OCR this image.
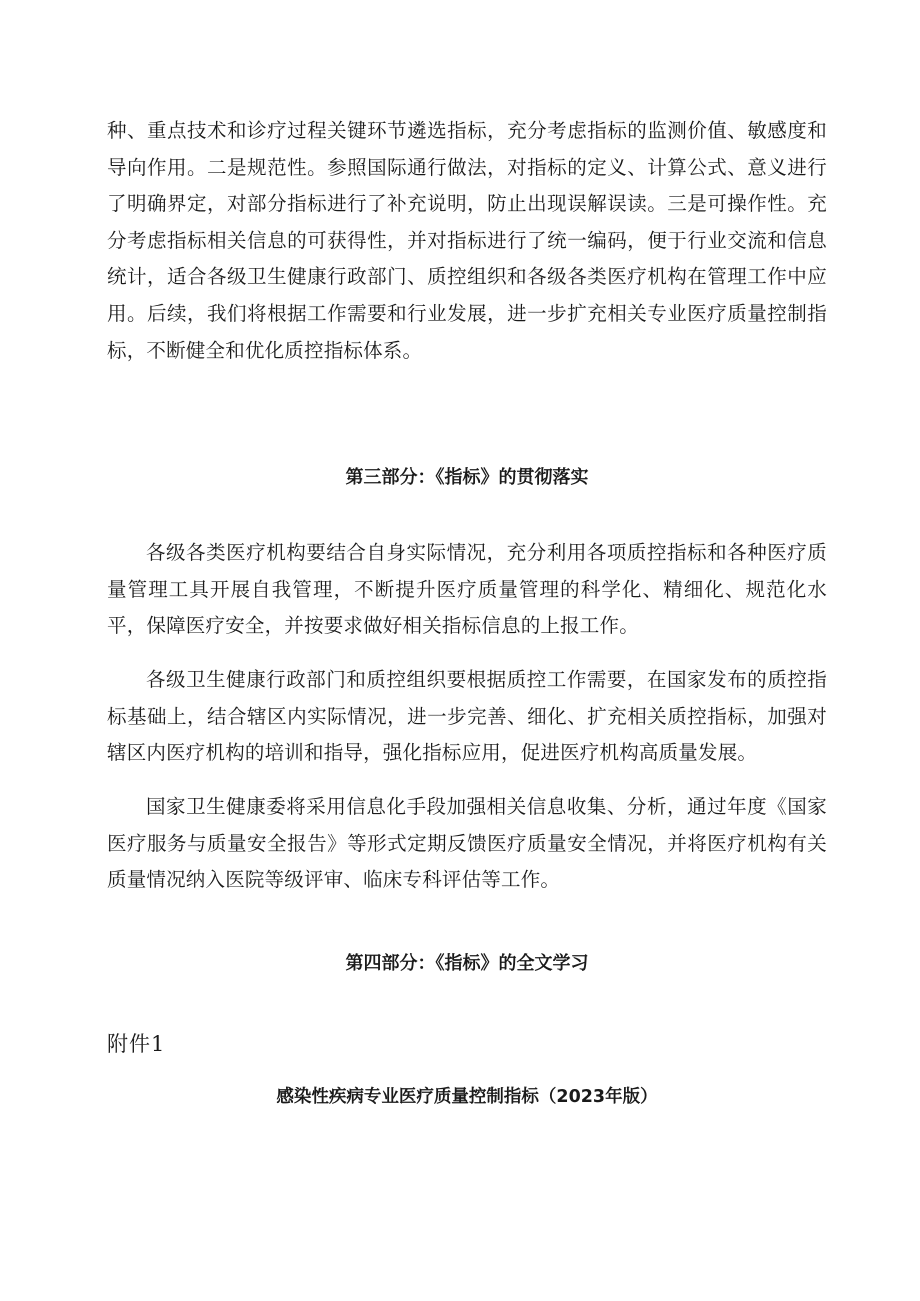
种、重点技术和诊疗过程关键环节遴选指标，充分考虑指标的监测价值、敏感度和导向作用。二是规范性。参照国际通行做法，对指标的定义、计算公式、意义进行了明确界定，对部分指标进行了补充说明，防止出现误解误读。三是可操作性。充分考虑指标相关信息的可获得性，并对指标进行了统一编码，便于行业交流和信息统计，适合各级卫生健康行政部门、质控组织和各级各类医疗机构在管理工作中应用。后续，我们将根据工作需要和行业发展，进一步扩充相关专业医疗质量控制指标，不断健全和优化质控指标体系。

第三部分：《指标》的贯彻落实

各级各类医疗机构要结合自身实际情况，充分利用各项质控指标和各种医疗质量管理工具开展自我管理，不断提升医疗质量管理的科学化、精细化、规范化水平，保障医疗安全，并按要求做好相关指标信息的上报工作。

各级卫生健康行政部门和质控组织要根据质控工作需要，在国家发布的质控指标基础上，结合辖区内实际情况，进一步完善、细化、扩充相关质控指标，加强对辖区内医疗机构的培训和指导，强化指标应用，促进医疗机构高质量发展。

国家卫生健康委将采用信息化手段加强相关信息收集、分析，通过年度《国家医疗服务与质量安全报告》等形式定期反馈医疗质量安全情况，并将医疗机构有关质量情况纳入医院等级评审、临床专科评估等工作。

第四部分：《指标》的全文学习

附件1

感染性疾病专业医疗质量控制指标（2023年版）
